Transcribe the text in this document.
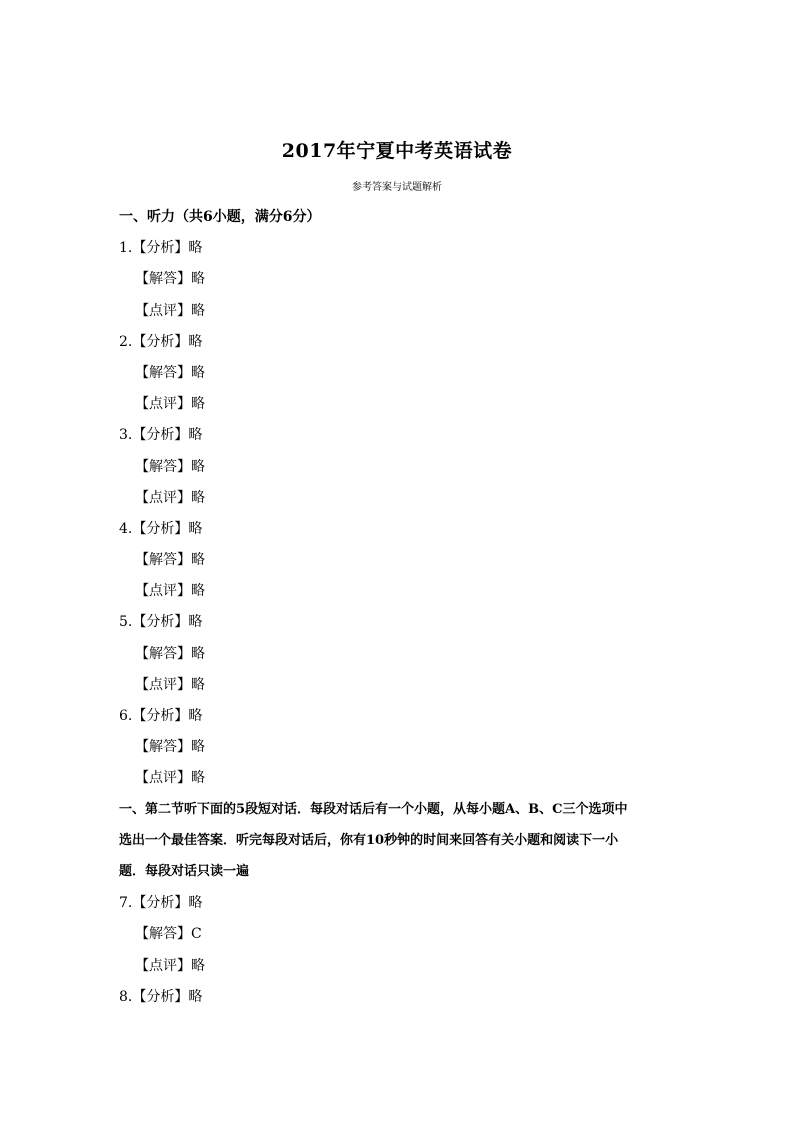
2017年宁夏中考英语试卷
参考答案与试题解析
一、听力（共6小题，满分6分）
1.【分析】略
【解答】略
【点评】略
2.【分析】略
【解答】略
【点评】略
3.【分析】略
【解答】略
【点评】略
4.【分析】略
【解答】略
【点评】略
5.【分析】略
【解答】略
【点评】略
6.【分析】略
【解答】略
【点评】略
一、第二节听下面的5段短对话．每段对话后有一个小题，从每小题A、B、C三个选项中
选出一个最佳答案．听完每段对话后，你有10秒钟的时间来回答有关小题和阅读下一小
题．每段对话只读一遍
7.【分析】略
【解答】C
【点评】略
8.【分析】略
